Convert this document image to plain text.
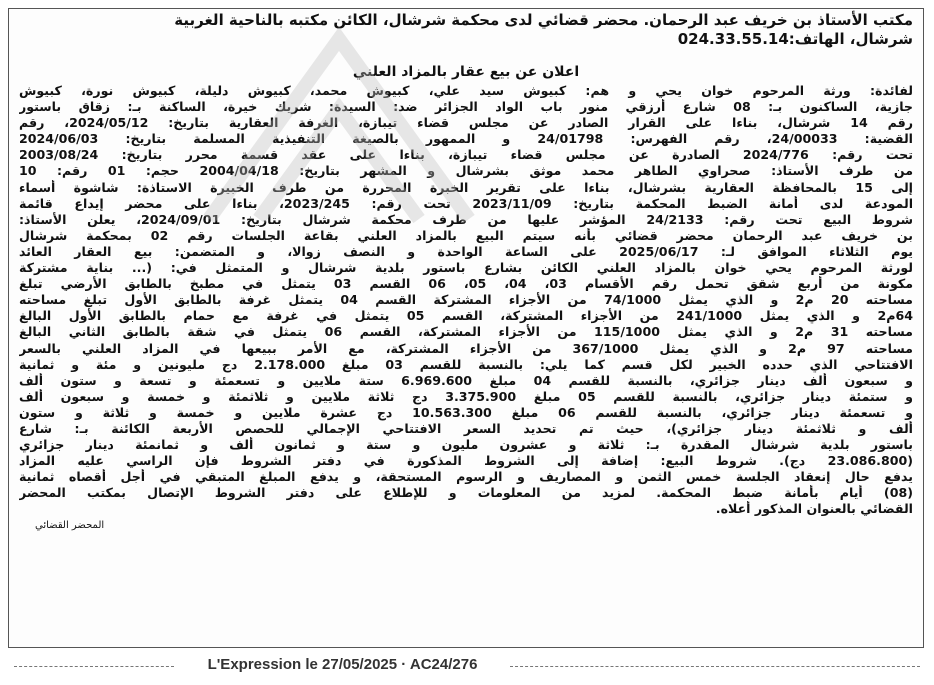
مكتب الأستاذ بن خريف عبد الرحمان. محضر قضائي لدى محكمة شرشال، الكائن مكتبه بالناحية الغربية

شرشال، الهاتف:024.33.55.14

اعلان عن بيع عقار بالمزاد العلني
لفائدة: ورثة المرحوم خوان يحي و هم: كبيوش سيد علي، كبيوش محمد، كبيوش دليلة، كبيوش نورة، كبيوش
جازية، الساكنون بـ: 08 شارع أرزقي منور باب الواد الجزائر ضد: السيدة: شريك خيرة، الساكنة بـ: زقاق باستور
رقم 14 شرشال، بناءا على القرار الصادر عن مجلس قضاء تيبازة، الغرفة العقارية بتاريخ: 2024/05/12، رقم
القضية: 24/00033، رقم الفهرس: 24/01798 و الممهور بالصيغة التنفيذية المسلمة بتاريخ: 2024/06/03
تحت رقم: 2024/776 الصادرة عن مجلس قضاء تيبازة، بناءا على عقد قسمة محرر بتاريخ: 2003/08/24
من طرف الأستاذ: صحراوي الطاهر محمد موثق بشرشال و المشهر بتاريخ: 2004/04/18 حجم: 01 رقم: 10
إلى 15 بالمحافظة العقارية بشرشال، بناءا على تقرير الخبرة المحررة من طرف الخبيرة الاستاذة: شاشوة أسماء
المودعة لدى أمانة الضبط المحكمة بتاريخ: 2023/11/09 تحت رقم: 2023/245، بناءا على محضر إيداع قائمة
شروط البيع تحت رقم: 24/2133 المؤشر عليها من طرف محكمة شرشال بتاريخ: 2024/09/01، يعلن الأستاذ:
بن خريف عبد الرحمان محضر قضائي بأنه سيتم البيع بالمزاد العلني بقاعة الجلسات رقم 02 بمحكمة شرشال
يوم الثلاثاء الموافق لـ: 2025/06/17 على الساعة الواحدة و النصف زوالا، و المتضمن: بيع العقار العائد
لورثة المرحوم يحي خوان بالمزاد العلني الكائن بشارع باستور بلدية شرشال و المتمثل في: (... بناية مشتركة
مكونة من أربع شقق تحمل رقم الأقسام 03، 04، 05، 06 القسم 03 يتمثل في مطبخ بالطابق الأرضي تبلغ
مساحته 20 م2 و الذي يمثل 74/1000 من الأجزاء المشتركة القسم 04 يتمثل غرفة بالطابق الأول تبلغ مساحته
64م2 و الذي يمثل 241/1000 من الأجزاء المشتركة، القسم 05 يتمثل في غرفة مع حمام بالطابق الأول البالغ
مساحته 31 م2 و الذي يمثل 115/1000 من الأجزاء المشتركة، القسم 06 يتمثل في شقة بالطابق الثاني البالغ
مساحته 97 م2 و الذي يمثل 367/1000 من الأجزاء المشتركة، مع الأمر ببيعها في المزاد العلني بالسعر
الافتتاحي الذي حدده الخبير لكل قسم كما يلي: بالنسبة للقسم 03 مبلغ 2.178.000 دج مليونين و مئة و ثمانية
و سبعون ألف دينار جزائري، بالنسبة للقسم 04 مبلغ 6.969.600 ستة ملايين و تسعمئة و تسعة و ستون ألف
و ستمئة دينار جزائري، بالنسبة للقسم 05 مبلغ 3.375.900 دج ثلاثة ملايين و ثلاثمئة و خمسة و سبعون ألف
و تسعمئة دينار جزائري، بالنسبة للقسم 06 مبلغ 10.563.300 دج عشرة ملايين و خمسة و ثلاثة و ستون
ألف و ثلاثمئة دينار جزائري)، حيث تم تحديد السعر الافتتاحي الإجمالي للحصص الأربعة الكائنة بـ: شارع
باستور بلدية شرشال المقدرة بـ: ثلاثة و عشرون مليون و ستة و ثمانون ألف و ثمانمئة دينار جزائري
(23.086.800 دج). شروط البيع: إضافة إلى الشروط المذكورة في دفتر الشروط فإن الراسي عليه المزاد
يدفع حال إنعقاد الجلسة خمس الثمن و المصاريف و الرسوم المستحقة، و يدفع المبلغ المتبقي في أجل أقصاه ثمانية
(08) أيام بأمانة ضبط المحكمة. لمزيد من المعلومات و للإطلاع على دفتر الشروط الإتصال بمكتب المحضر
القضائي بالعنوان المذكور أعلاه.
المحضر القضائي
L'Expression le 27/05/2025 · AC24/276
